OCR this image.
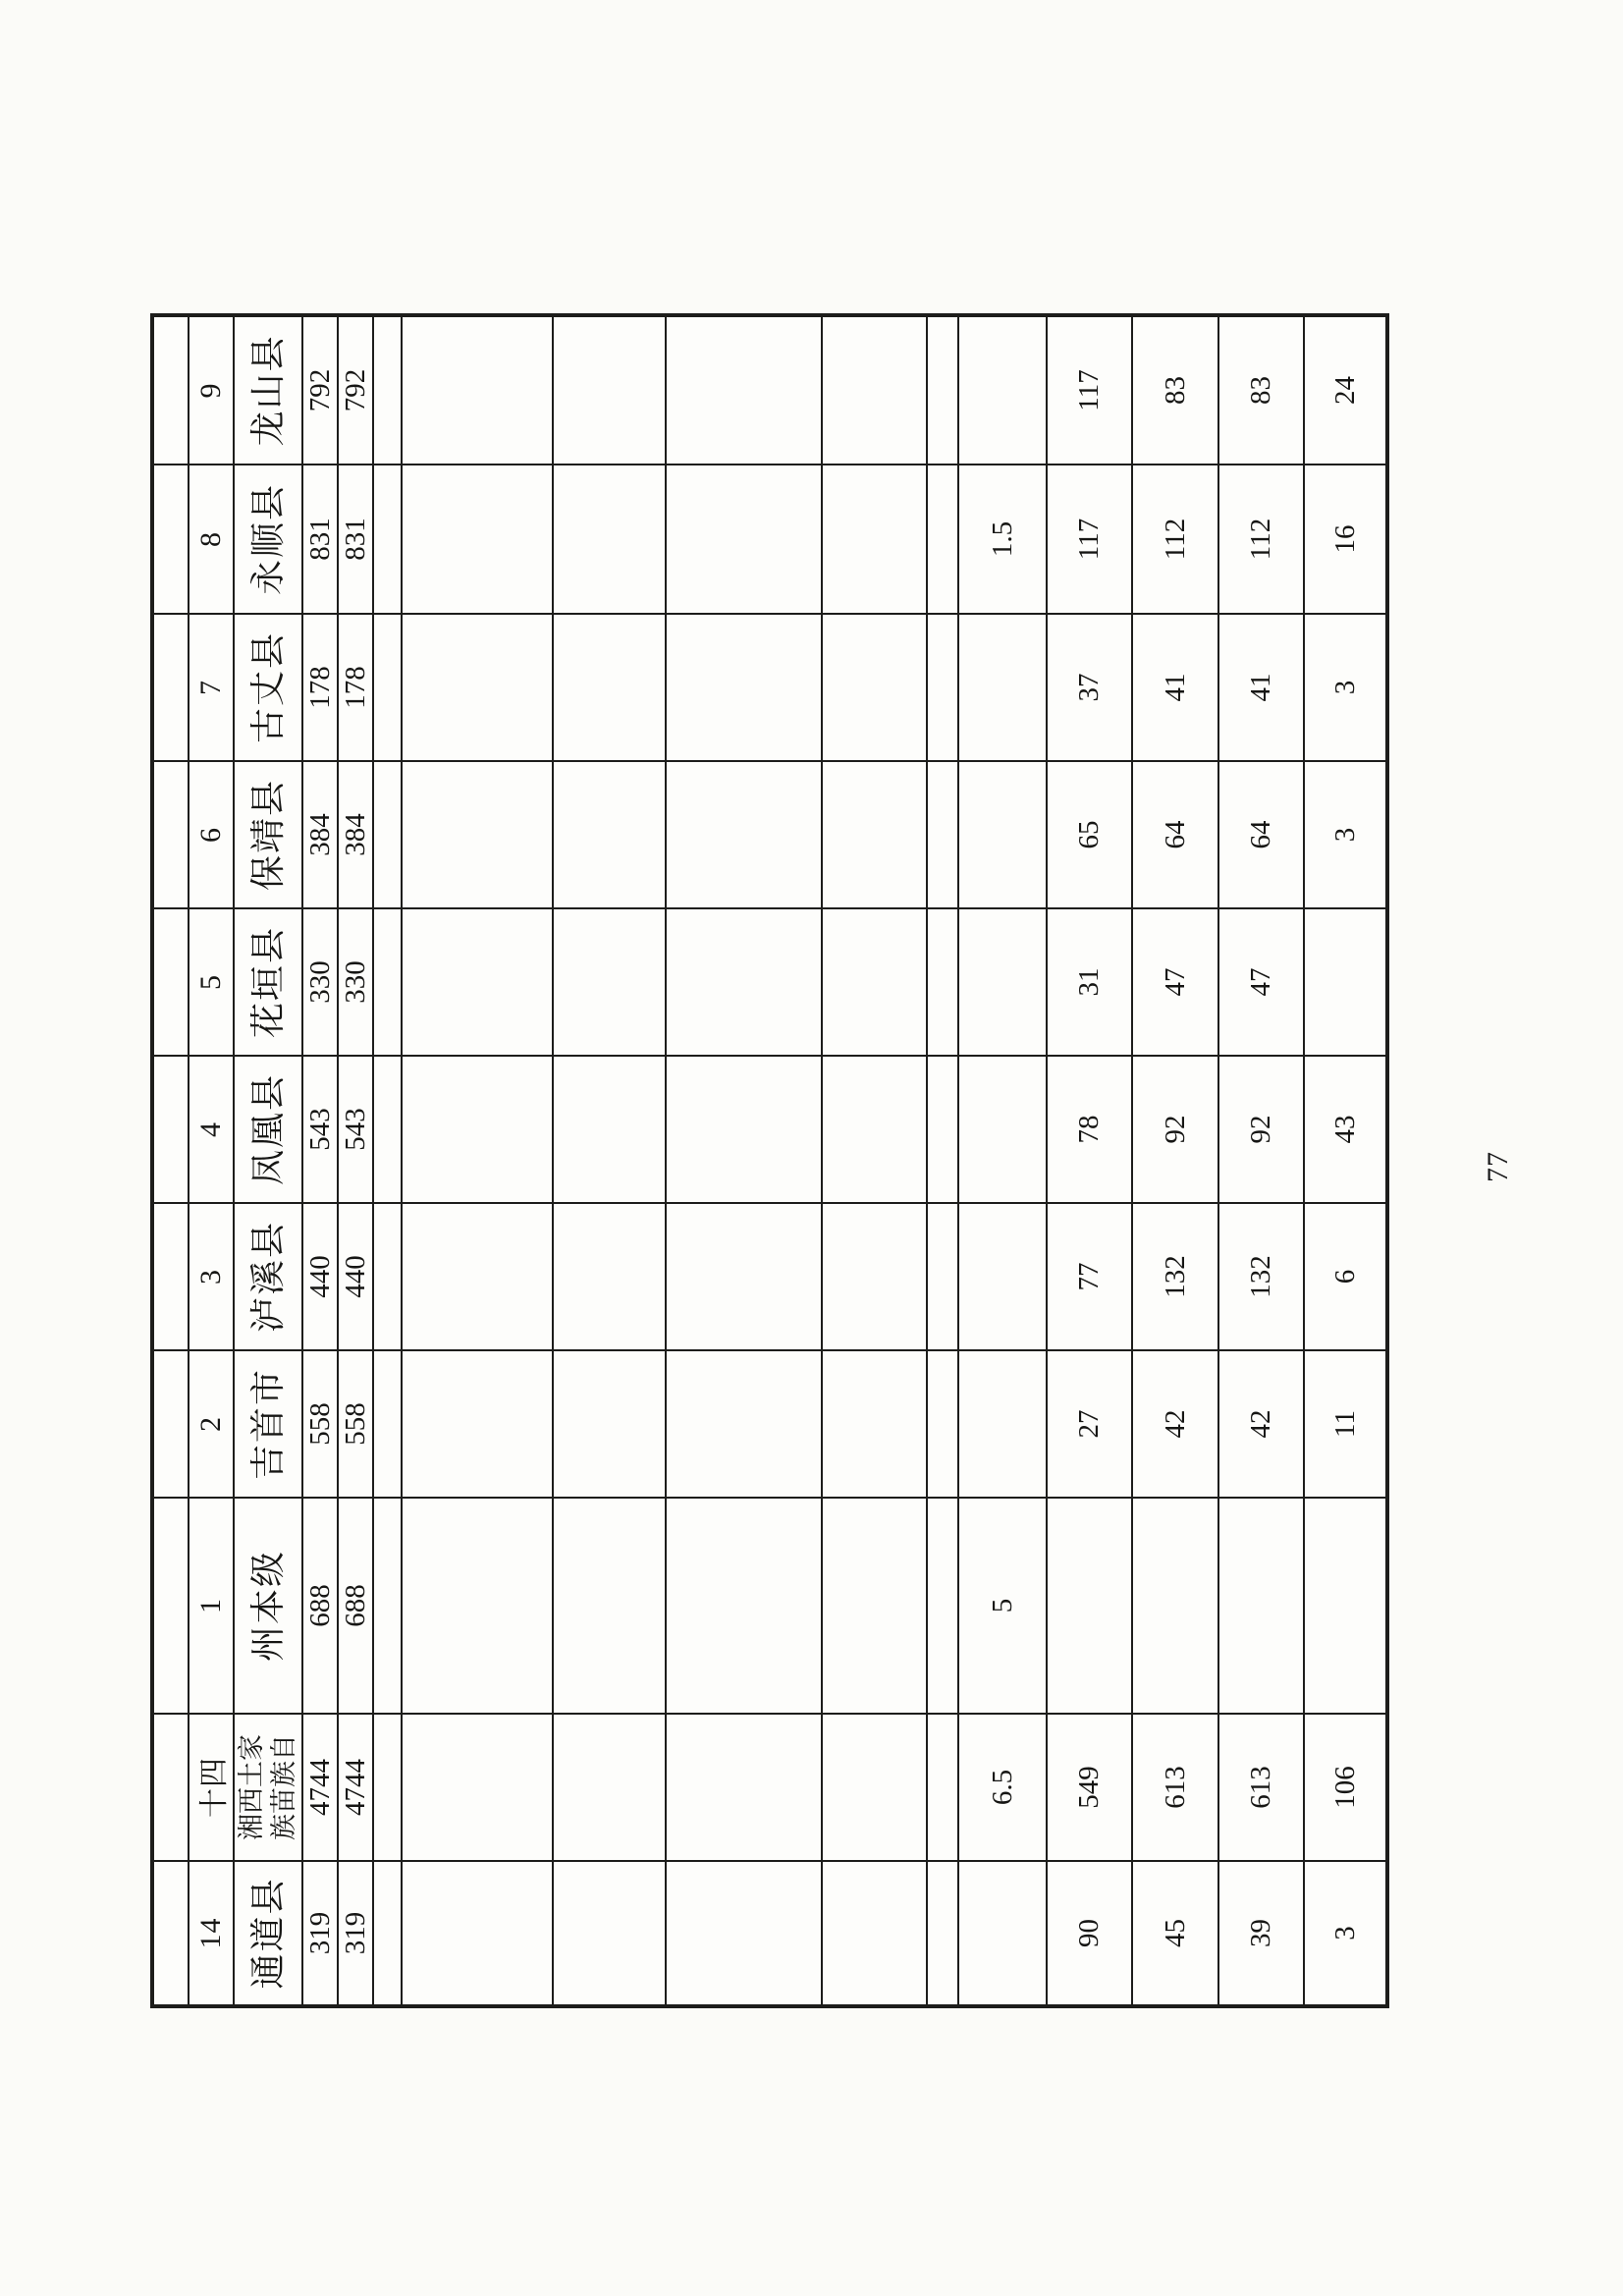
14	十四	1	2	3	4	5	6	7	8	9

通道县	湘西土家 族苗族自	州本级	吉首市	泸溪县	凤凰县	花垣县	保靖县	古丈县	永顺县	龙山县

319	4744	688	558	440	543	330	384	178	831	792
319	4744	688	558	440	543	330	384	178	831	792

	6.5	5							1.5	
90	549		27	77	78	31	65	37	117	117
45	613		42	132	92	47	64	41	112	83
39	613		42	132	92	47	64	41	112	83
3	106		11	6	43		3	3	16	24
77
